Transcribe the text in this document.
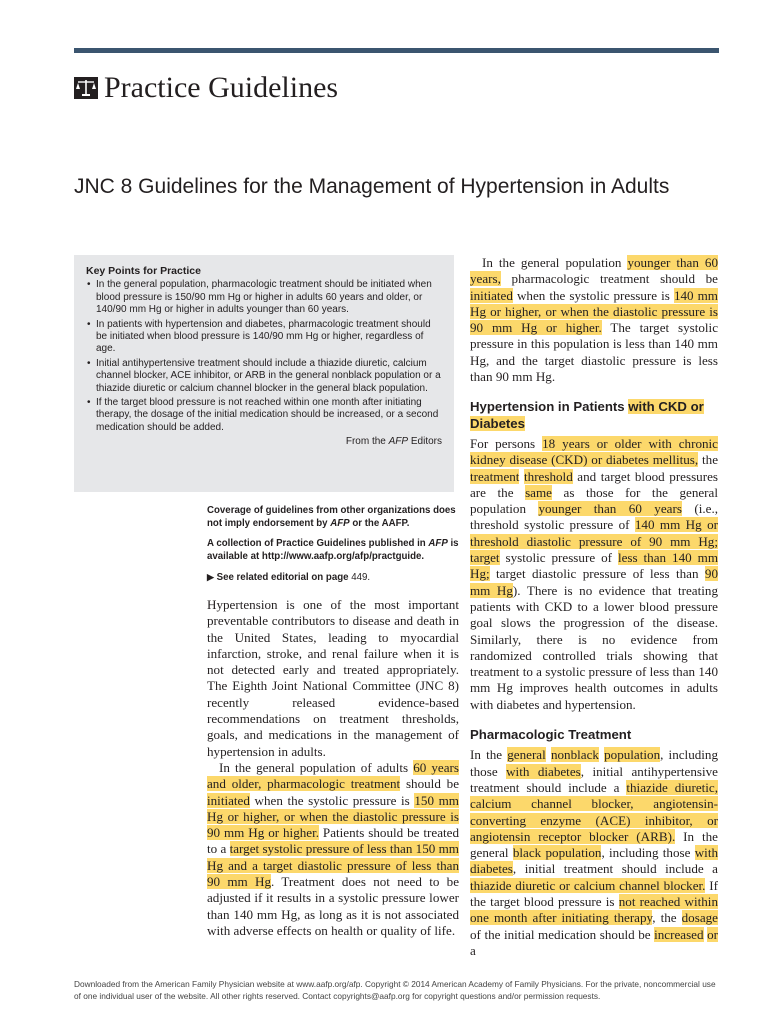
Practice Guidelines
JNC 8 Guidelines for the Management of Hypertension in Adults
Key Points for Practice
• In the general population, pharmacologic treatment should be initiated when blood pressure is 150/90 mm Hg or higher in adults 60 years and older, or 140/90 mm Hg or higher in adults younger than 60 years.
• In patients with hypertension and diabetes, pharmacologic treatment should be initiated when blood pressure is 140/90 mm Hg or higher, regardless of age.
• Initial antihypertensive treatment should include a thiazide diuretic, calcium channel blocker, ACE inhibitor, or ARB in the general nonblack population or a thiazide diuretic or calcium channel blocker in the general black population.
• If the target blood pressure is not reached within one month after initiating therapy, the dosage of the initial medication should be increased, or a second medication should be added.
From the AFP Editors

Coverage of guidelines from other organizations does not imply endorsement by AFP or the AAFP.

A collection of Practice Guidelines published in AFP is available at http://www.aafp.org/afp/practguide.

▶ See related editorial on page 449.

Hypertension is one of the most important preventable contributors to disease and death in the United States, leading to myocardial infarction, stroke, and renal failure when it is not detected early and treated appropriately. The Eighth Joint National Committee (JNC 8) recently released evidence-based recommendations on treatment thresholds, goals, and medications in the management of hypertension in adults.

In the general population of adults 60 years and older, pharmacologic treatment should be initiated when the systolic pressure is 150 mm Hg or higher, or when the diastolic pressure is 90 mm Hg or higher. Patients should be treated to a target systolic pressure of less than 150 mm Hg and a target diastolic pressure of less than 90 mm Hg. Treatment does not need to be adjusted if it results in a systolic pressure lower than 140 mm Hg, as long as it is not associated with adverse effects on health or quality of life.

In the general population younger than 60 years, pharmacologic treatment should be initiated when the systolic pressure is 140 mm Hg or higher, or when the diastolic pressure is 90 mm Hg or higher. The target systolic pressure in this population is less than 140 mm Hg, and the target diastolic pressure is less than 90 mm Hg.

Hypertension in Patients with CKD or Diabetes

For persons 18 years or older with chronic kidney disease (CKD) or diabetes mellitus, the treatment threshold and target blood pressures are the same as those for the general population younger than 60 years (i.e., threshold systolic pressure of 140 mm Hg or threshold diastolic pressure of 90 mm Hg; target systolic pressure of less than 140 mm Hg; target diastolic pressure of less than 90 mm Hg). There is no evidence that treating patients with CKD to a lower blood pressure goal slows the progression of the disease. Similarly, there is no evidence from randomized controlled trials showing that treatment to a systolic pressure of less than 140 mm Hg improves health outcomes in adults with diabetes and hypertension.

Pharmacologic Treatment

In the general nonblack population, including those with diabetes, initial antihypertensive treatment should include a thiazide diuretic, calcium channel blocker, angiotensin-converting enzyme (ACE) inhibitor, or angiotensin receptor blocker (ARB). In the general black population, including those with diabetes, initial treatment should include a thiazide diuretic or calcium channel blocker. If the target blood pressure is not reached within one month after initiating therapy, the dosage of the initial medication should be increased or a

Downloaded from the American Family Physician website at www.aafp.org/afp. Copyright © 2014 American Academy of Family Physicians. For the private, noncommercial use of one individual user of the website. All other rights reserved. Contact copyrights@aafp.org for copyright questions and/or permission requests.
